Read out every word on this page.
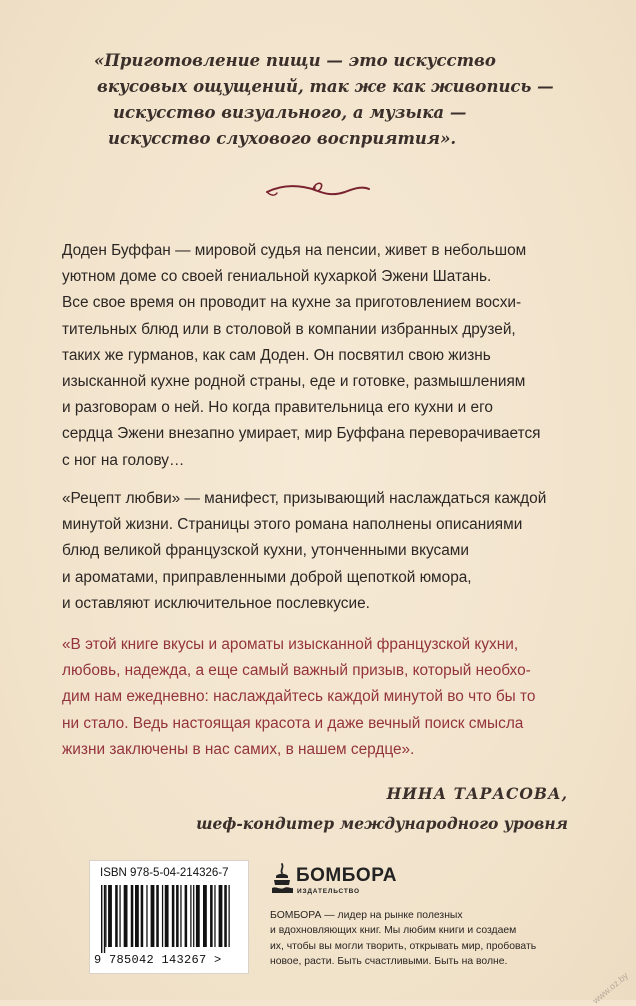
«Приготовление пищи — это искусство
вкусовых ощущений, так же как живопись —
искусство визуального, а музыка —
искусство слухового восприятия».
Доден Буффан — мировой судья на пенсии, живет в небольшом
уютном доме со своей гениальной кухаркой Эжени Шатань.
Все свое время он проводит на кухне за приготовлением восхи-
тительных блюд или в столовой в компании избранных друзей,
таких же гурманов, как сам Доден. Он посвятил свою жизнь
изысканной кухне родной страны, еде и готовке, размышлениям
и разговорам о ней. Но когда правительница его кухни и его
сердца Эжени внезапно умирает, мир Буффана переворачивается
с ног на голову…
«Рецепт любви» — манифест, призывающий наслаждаться каждой
минутой жизни. Страницы этого романа наполнены описаниями
блюд великой французской кухни, утонченными вкусами
и ароматами, приправленными доброй щепоткой юмора,
и оставляют исключительное послевкусие.
«В этой книге вкусы и ароматы изысканной французской кухни,
любовь, надежда, а еще самый важный призыв, который необхо-
дим нам ежедневно: наслаждайтесь каждой минутой во что бы то
ни стало. Ведь настоящая красота и даже вечный поиск смысла
жизни заключены в нас самих, в нашем сердце».
НИНА ТАРАСОВА,
шеф-кондитер международного уровня
ISBN 978-5-04-214326-7
9 785042 143267 >
БОМБОРА
ИЗДАТЕЛЬСТВО
БОМБОРА — лидер на рынке полезных
и вдохновляющих книг. Мы любим книги и создаем
их, чтобы вы могли творить, открывать мир, пробовать
новое, расти. Быть счастливыми. Быть на волне.
www.oz.by
